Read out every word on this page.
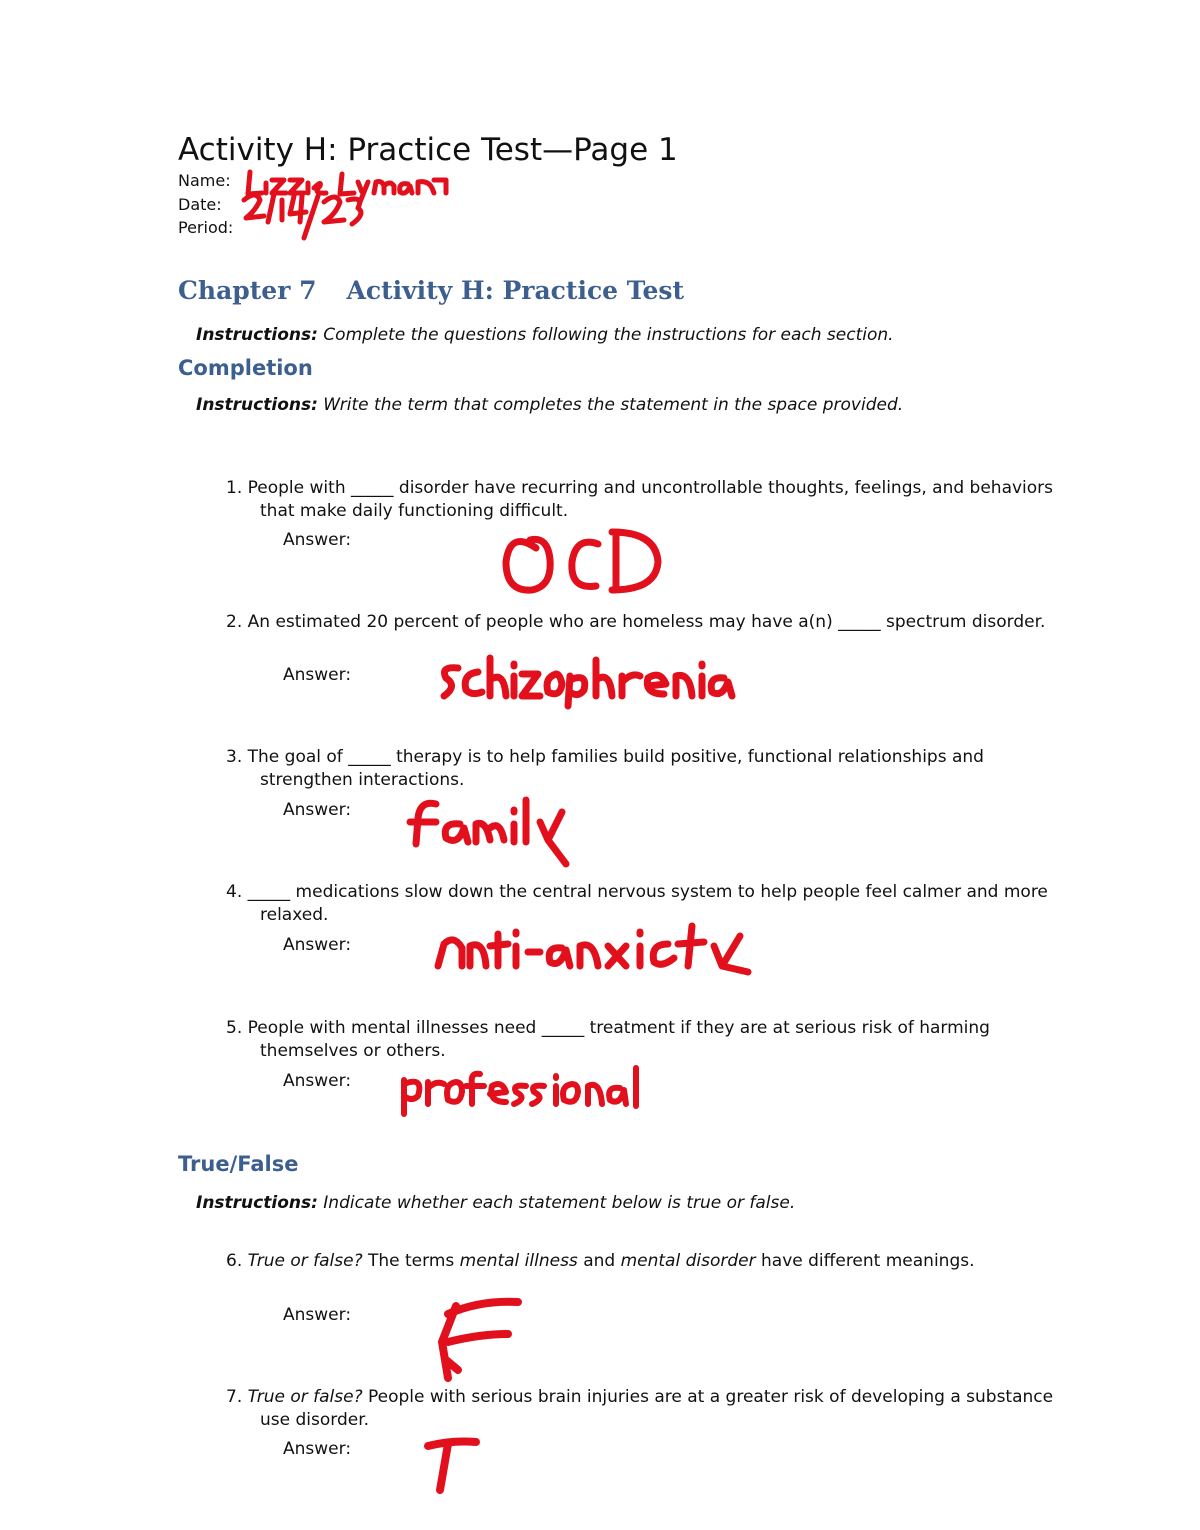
Activity H: Practice Test—Page 1
Name:
Date:
Period:
Chapter 7 Activity H: Practice Test
Instructions: Complete the questions following the instructions for each section.
Completion
Instructions: Write the term that completes the statement in the space provided.
1. People with _____ disorder have recurring and uncontrollable thoughts, feelings, and behaviors that make daily functioning difficult.
Answer:
2. An estimated 20 percent of people who are homeless may have a(n) _____ spectrum disorder.
Answer:
3. The goal of _____ therapy is to help families build positive, functional relationships and strengthen interactions.
Answer:
4. _____ medications slow down the central nervous system to help people feel calmer and more relaxed.
Answer:
5. People with mental illnesses need _____ treatment if they are at serious risk of harming themselves or others.
Answer:
True/False
Instructions: Indicate whether each statement below is true or false.
6. True or false? The terms mental illness and mental disorder have different meanings.
Answer:
7. True or false? People with serious brain injuries are at a greater risk of developing a substance use disorder.
Answer:
